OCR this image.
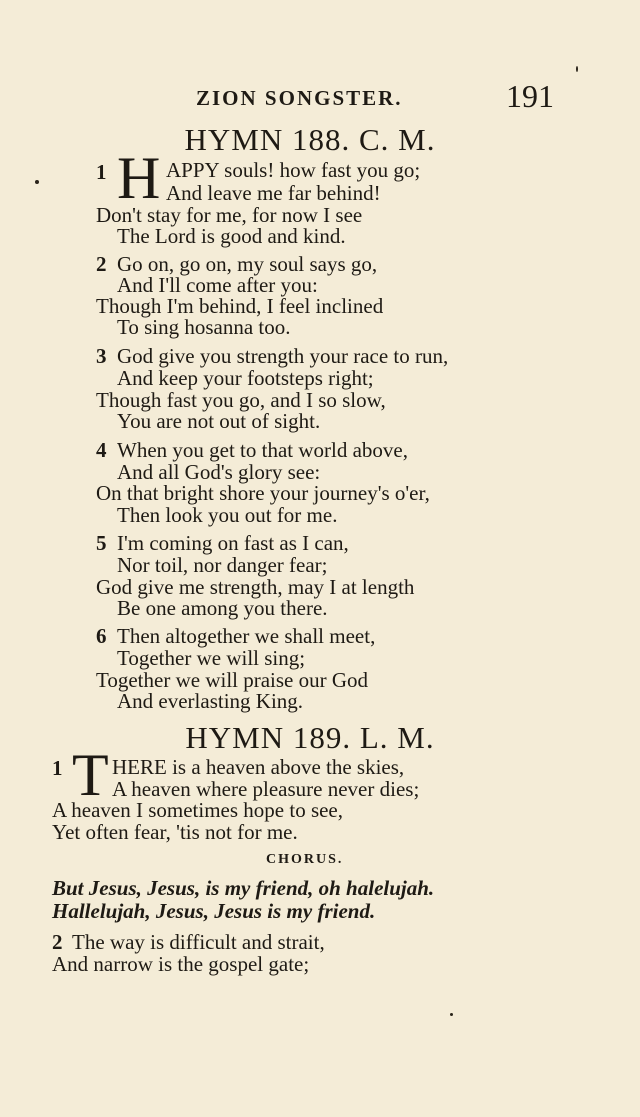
ZION SONGSTER.	191
HYMN 188. C. M.
1 H APPY souls! how fast you go;
And leave me far behind!
Don't stay for me, for now I see
The Lord is good and kind.
2 Go on, go on, my soul says go,
And I'll come after you:
Though I'm behind, I feel inclined
To sing hosanna too.
3 God give you strength your race to run,
And keep your footsteps right;
Though fast you go, and I so slow,
You are not out of sight.
4 When you get to that world above,
And all God's glory see:
On that bright shore your journey's o'er,
Then look you out for me.
5 I'm coming on fast as I can,
Nor toil, nor danger fear;
God give me strength, may I at length
Be one among you there.
6 Then altogether we shall meet,
Together we will sing;
Together we will praise our God
And everlasting King.
HYMN 189. L. M.
1 T HERE is a heaven above the skies,
A heaven where pleasure never dies;
A heaven I sometimes hope to see,
Yet often fear, 'tis not for me.
CHORUS.
But Jesus, Jesus, is my friend, oh halelujah.
Hallelujah, Jesus, Jesus is my friend.
2 The way is difficult and strait,
And narrow is the gospel gate;
